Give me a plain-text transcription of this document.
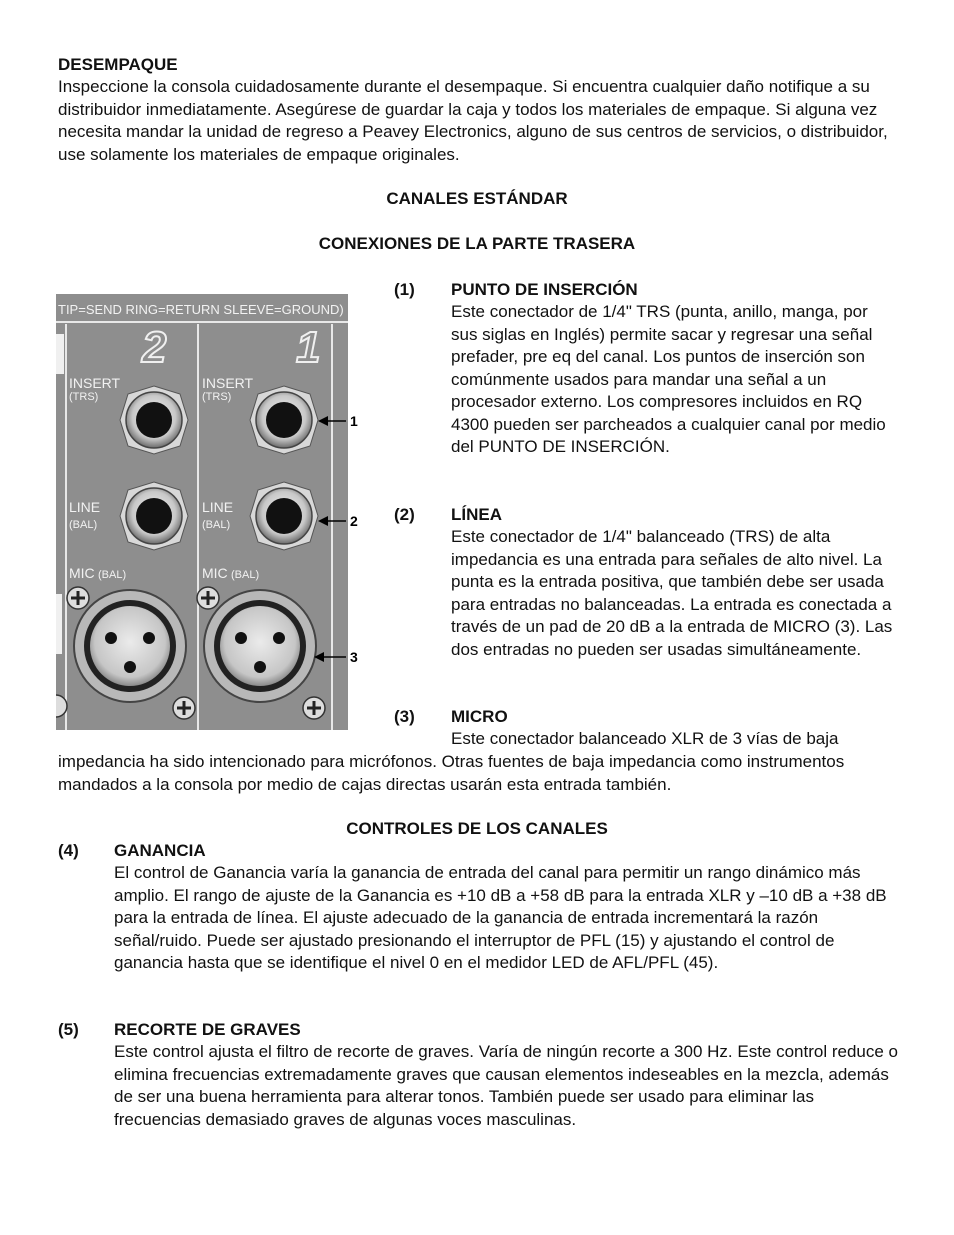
DESEMPAQUE

Inspeccione la consola cuidadosamente durante el desempaque. Si encuentra cualquier daño notifique a su distribuidor inmediatamente. Asegúrese de guardar la caja y todos los materiales de empaque. Si alguna vez necesita mandar la unidad de regreso a Peavey Electronics, alguno de sus centros de servicios, o distribuidor, use solamente los materiales de empaque originales.

CANALES ESTÁNDAR
CONEXIONES DE LA PARTE TRASERA
(1) PUNTO DE INSERCIÓN

Este conectador de 1/4" TRS (punta, anillo, manga, por sus siglas en Inglés) permite sacar y regresar una señal prefader, pre eq del canal. Los puntos de inserción son comúnmente usados para mandar una señal a un procesador externo. Los compresores incluidos en RQ 4300 pueden ser parcheados a cualquier canal por medio del PUNTO DE INSERCIÓN.

(2) LÍNEA

Este conectador de 1/4" balanceado (TRS) de alta impedancia es una entrada para señales de alto nivel. La punta es la entrada positiva, que también debe ser usada para entradas no balanceadas. La entrada es conectada a través de un pad de 20 dB a la entrada de MICRO (3). Las dos entradas no pueden ser usadas simultáneamente.

(3) MICRO

Este conectador balanceado XLR de 3 vías de baja

impedancia ha sido intencionado para micrófonos. Otras fuentes de baja impedancia como instrumentos mandados a la consola por medio de cajas directas usarán esta entrada también.

CONTROLES DE LOS CANALES
(4) GANANCIA

El control de Ganancia varía la ganancia de entrada del canal para permitir un rango dinámico más amplio. El rango de ajuste de la Ganancia es +10 dB a +58 dB para la entrada XLR y –10 dB a +38 dB para la entrada de línea. El ajuste adecuado de la ganancia de entrada incrementará la razón señal/ruido. Puede ser ajustado presionando el interruptor de PFL (15) y ajustando el control de ganancia hasta que se identifique el nivel 0 en el medidor LED de AFL/PFL (45).

(5) RECORTE DE GRAVES

Este control ajusta el filtro de recorte de graves. Varía de ningún recorte a 300 Hz. Este control reduce o elimina frecuencias extremadamente graves que causan elementos indeseables en la mezcla, además de ser una buena herramienta para alterar tonos. También puede ser usado para eliminar las frecuencias demasiado graves de algunas voces masculinas.

TIP=SEND RING=RETURN SLEEVE=GROUND)
2	1
INSERT
(TRS)
LINE
(BAL)
MIC (BAL)
INSERT
(TRS)
LINE
(BAL)
MIC (BAL)
1
2
3
